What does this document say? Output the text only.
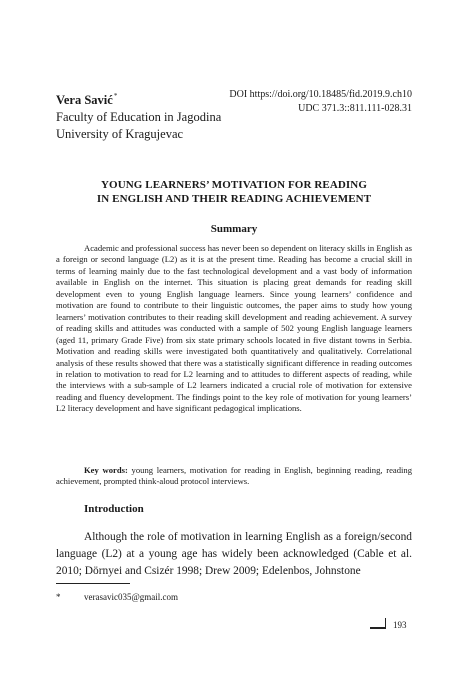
Vera Savić*
Faculty of Education in Jagodina
University of Kragujevac
DOI https://doi.org/10.18485/fid.2019.9.ch10
UDC 371.3::811.111-028.31
YOUNG LEARNERS’ MOTIVATION FOR READING
IN ENGLISH AND THEIR READING ACHIEVEMENT
Summary

Academic and professional success has never been so dependent on literacy skills in English as a foreign or second language (L2) as it is at the present time. Reading has become a crucial skill in terms of learning mainly due to the fast technological development and a vast body of information available in English on the internet. This situation is placing great demands for reading skill development even to young English language learners. Since young learners’ confidence and motivation are found to contribute to their linguistic outcomes, the paper aims to study how young learners’ motivation contributes to their reading skill development and reading achievement. A survey of reading skills and attitudes was conducted with a sample of 502 young English language learners (aged 11, primary Grade Five) from six state primary schools located in five distant towns in Serbia. Motivation and reading skills were investigated both quantitatively and qualitatively. Correlational analysis of these results showed that there was a statistically significant difference in reading outcomes in relation to motivation to read for L2 learning and to attitudes to different aspects of reading, while the interviews with a sub-sample of L2 learners indicated a crucial role of motivation for extensive reading and fluency development. The findings point to the key role of motivation for young learners’ L2 literacy development and have significant pedagogical implications.

Key words: young learners, motivation for reading in English, beginning reading, reading achievement, prompted think-aloud protocol interviews.

Introduction

Although the role of motivation in learning English as a foreign/second language (L2) at a young age has widely been acknowledged (Cable et al. 2010; Dörnyei and Csizér 1998; Drew 2009; Edelenbos, Johnstone

*	verasavic035@gmail.com
193
